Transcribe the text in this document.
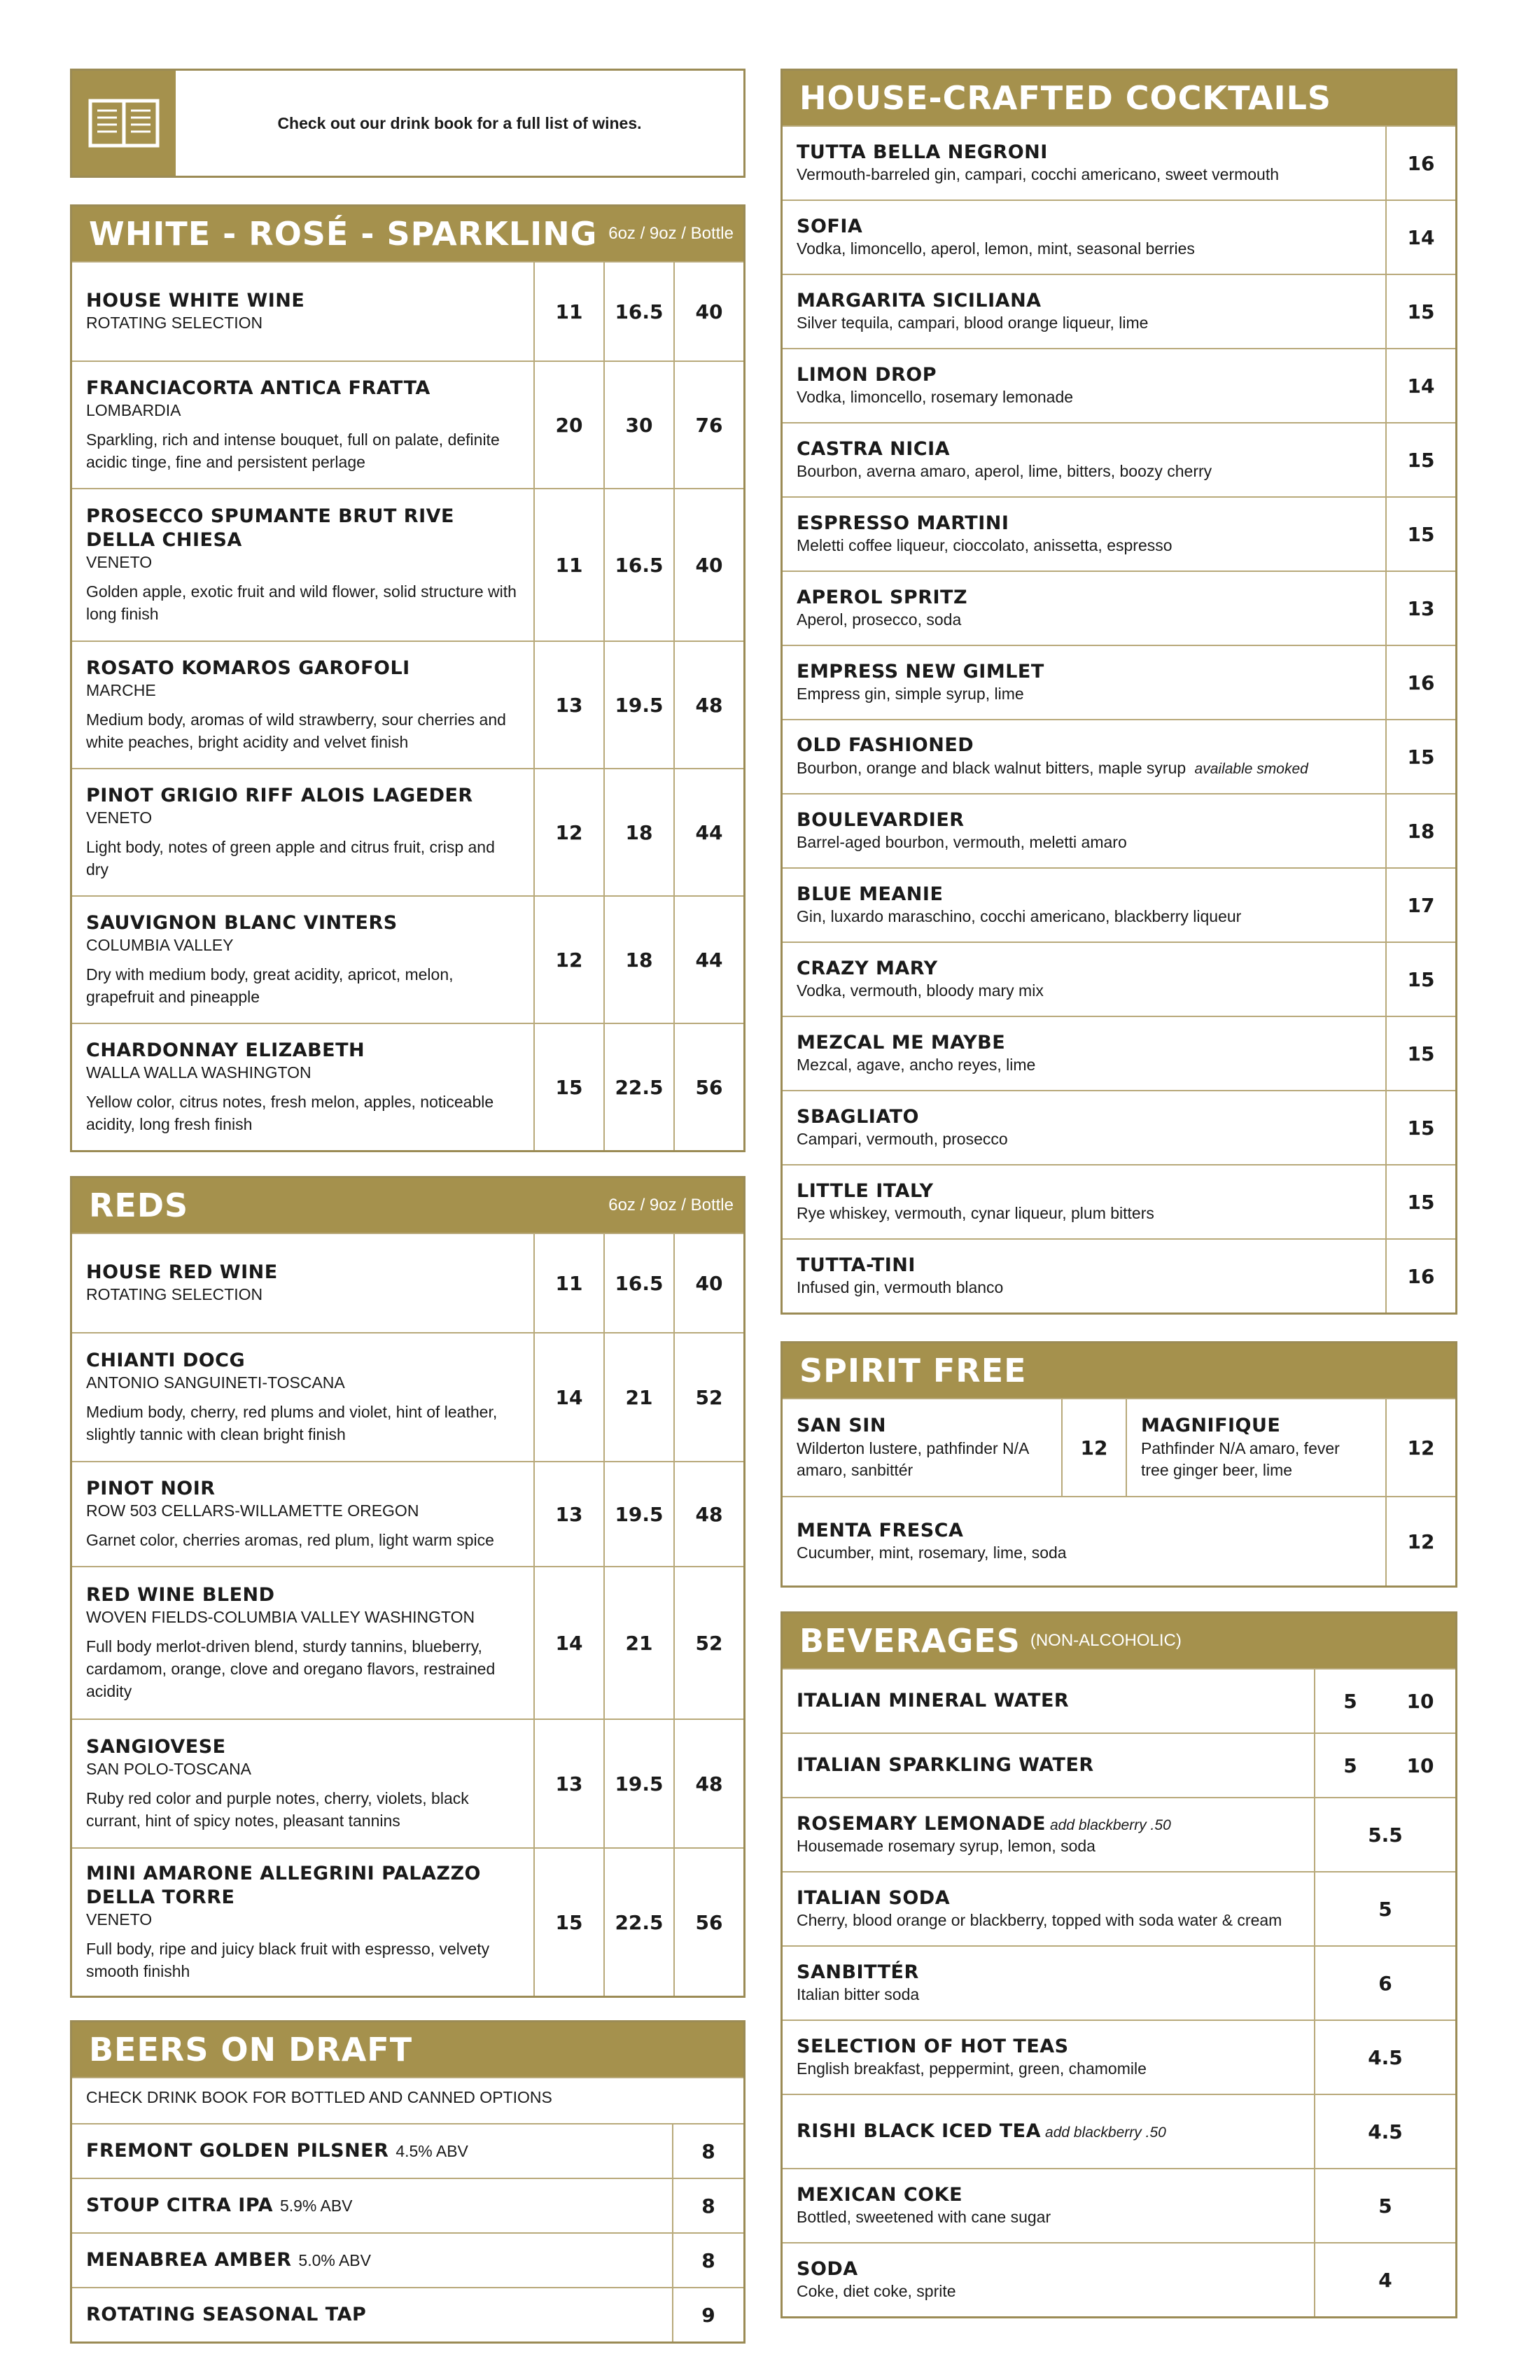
Check out our drink book for a full list of wines.
WHITE - ROSÉ - SPARKLING 6oz / 9oz / Bottle
HOUSE WHITE WINE
ROTATING SELECTION	11	16.5	40
FRANCIACORTA ANTICA FRATTA
LOMBARDIA
Sparkling, rich and intense bouquet, full on palate, definite acidic tinge, fine and persistent perlage
20	30	76
PROSECCO SPUMANTE BRUT RIVE DELLA CHIESA
VENETO
Golden apple, exotic fruit and wild flower, solid structure with long finish
11	16.5	40
ROSATO KOMAROS GAROFOLI
MARCHE
Medium body, aromas of wild strawberry, sour cherries and white peaches, bright acidity and velvet finish
13	19.5	48
PINOT GRIGIO RIFF ALOIS LAGEDER
VENETO
Light body, notes of green apple and citrus fruit, crisp and dry
12	18	44
SAUVIGNON BLANC VINTERS
COLUMBIA VALLEY
Dry with medium body, great acidity, apricot, melon, grapefruit and pineapple
12	18	44
CHARDONNAY ELIZABETH
WALLA WALLA WASHINGTON
Yellow color, citrus notes, fresh melon, apples, noticeable acidity, long fresh finish
15	22.5	56
REDS	6oz / 9oz / Bottle
HOUSE RED WINE
ROTATING SELECTION	11	16.5	40
CHIANTI DOCG
ANTONIO SANGUINETI-TOSCANA
Medium body, cherry, red plums and violet, hint of leather, slightly tannic with clean bright finish
14	21	52
PINOT NOIR
ROW 503 CELLARS-WILLAMETTE OREGON
Garnet color, cherries aromas, red plum, light warm spice
13	19.5	48
RED WINE BLEND
WOVEN FIELDS-COLUMBIA VALLEY WASHINGTON
Full body merlot-driven blend, sturdy tannins, blueberry, cardamom, orange, clove and oregano flavors, restrained acidity
14	21	52
SANGIOVESE
SAN POLO-TOSCANA
Ruby red color and purple notes, cherry, violets, black currant, hint of spicy notes, pleasant tannins
13	19.5	48
MINI AMARONE ALLEGRINI PALAZZO DELLA TORRE
VENETO
Full body, ripe and juicy black fruit with espresso, velvety smooth finishh
15	22.5	56
BEERS ON DRAFT
CHECK DRINK BOOK FOR BOTTLED AND CANNED OPTIONS
FREMONT GOLDEN PILSNER 4.5% ABV	8
STOUP CITRA IPA 5.9% ABV	8
MENABREA AMBER 5.0% ABV	8
ROTATING SEASONAL TAP	9
HOUSE-CRAFTED COCKTAILS
TUTTA BELLA NEGRONI
Vermouth-barreled gin, campari, cocchi americano, sweet vermouth	16
SOFIA
Vodka, limoncello, aperol, lemon, mint, seasonal berries	14
MARGARITA SICILIANA
Silver tequila, campari, blood orange liqueur, lime	15
LIMON DROP
Vodka, limoncello, rosemary lemonade	14
CASTRA NICIA
Bourbon, averna amaro, aperol, lime, bitters, boozy cherry	15
ESPRESSO MARTINI
Meletti coffee liqueur, cioccolato, anissetta, espresso	15
APEROL SPRITZ
Aperol, prosecco, soda	13
EMPRESS NEW GIMLET
Empress gin, simple syrup, lime	16
OLD FASHIONED
Bourbon, orange and black walnut bitters, maple syrup available smoked
15
BOULEVARDIER
Barrel-aged bourbon, vermouth, meletti amaro	18
BLUE MEANIE
Gin, luxardo maraschino, cocchi americano, blackberry liqueur	17
CRAZY MARY
Vodka, vermouth, bloody mary mix	15
MEZCAL ME MAYBE
Mezcal, agave, ancho reyes, lime	15
SBAGLIATO
Campari, vermouth, prosecco	15
LITTLE ITALY
Rye whiskey, vermouth, cynar liqueur, plum bitters	15
TUTTA-TINI
Infused gin, vermouth blanco	16
SPIRIT FREE
SAN SIN
Wilderton lustere, pathfinder N/A amaro, sanbittér
12
MAGNIFIQUE
Pathfinder N/A amaro, fever tree ginger beer, lime
12
MENTA FRESCA
Cucumber, mint, rosemary, lime, soda	12
BEVERAGES (NON-ALCOHOLIC)
ITALIAN MINERAL WATER	5	10
ITALIAN SPARKLING WATER	5	10
ROSEMARY LEMONADE add blackberry .50
Housemade rosemary syrup, lemon, soda	5.5
ITALIAN SODA
Cherry, blood orange or blackberry, topped with soda water & cream	5
SANBITTÉR
Italian bitter soda	6
SELECTION OF HOT TEAS
English breakfast, peppermint, green, chamomile	4.5
RISHI BLACK ICED TEA add blackberry .50	4.5
MEXICAN COKE
Bottled, sweetened with cane sugar	5
SODA
Coke, diet coke, sprite	4
